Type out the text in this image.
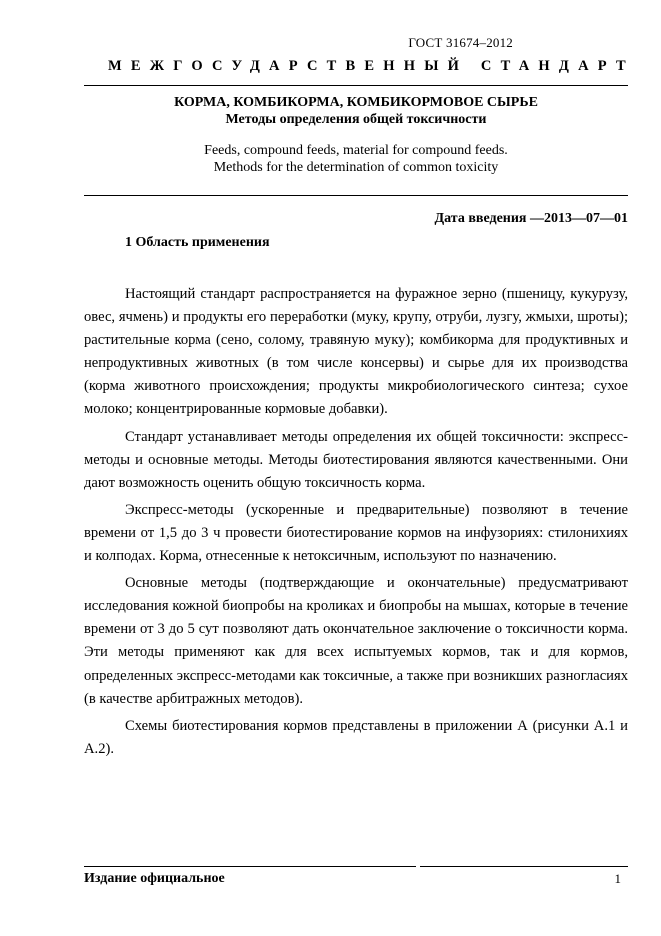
ГОСТ 31674–2012
МЕЖГОСУДАРСТВЕННЫЙ СТАНДАРТ
КОРМА, КОМБИКОРМА, КОМБИКОРМОВОЕ СЫРЬЕ
Методы определения общей токсичности
Feeds, compound feeds, material for compound feeds.
Methods for the determination of common toxicity
Дата введения —2013—07—01
1 Область применения

Настоящий стандарт распространяется на фуражное зерно (пшеницу, кукурузу, овес, ячмень) и продукты его переработки (муку, крупу, отруби, лузгу, жмыхи, шроты); растительные корма (сено, солому, травяную муку); комбикорма для продуктивных и непродуктивных животных (в том числе консервы) и сырье для их производства (корма животного происхождения; продукты микробиологического синтеза; сухое молоко; концентрированные кормовые добавки).

Стандарт устанавливает методы определения их общей токсичности: экспресс-методы и основные методы. Методы биотестирования являются качественными. Они дают возможность оценить общую токсичность корма.

Экспресс-методы (ускоренные и предварительные) позволяют в течение времени от 1,5 до 3 ч провести биотестирование кормов на инфузориях: стилонихиях и колподах. Корма, отнесенные к нетоксичным, используют по назначению.

Основные методы (подтверждающие и окончательные) предусматривают исследования кожной биопробы на кроликах и биопробы на мышах, которые в течение времени от 3 до 5 сут позволяют дать окончательное заключение о токсичности корма. Эти методы применяют как для всех испытуемых кормов, так и для кормов, определенных экспресс-методами как токсичные, а также при возникших разногласиях (в качестве арбитражных методов).

Схемы биотестирования кормов представлены в приложении А (рисунки А.1 и А.2).

Издание официальное	1
